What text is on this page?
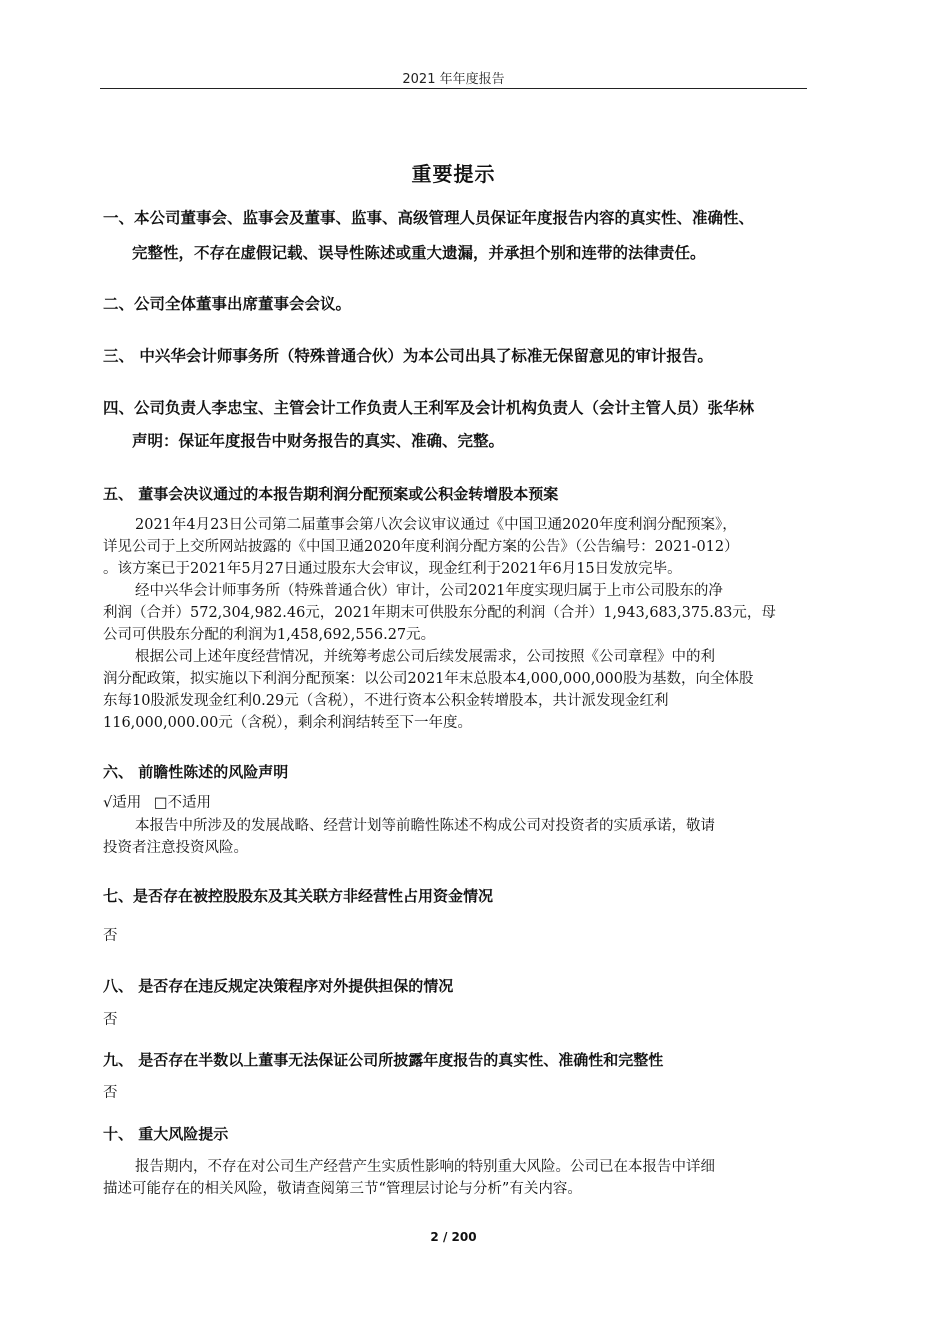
2021 年年度报告
重要提示
一、本公司董事会、监事会及董事、监事、高级管理人员保证年度报告内容的真实性、准确性、
完整性，不存在虚假记载、误导性陈述或重大遗漏，并承担个别和连带的法律责任。
二、公司全体董事出席董事会会议。
三、 中兴华会计师事务所（特殊普通合伙）为本公司出具了标准无保留意见的审计报告。
四、公司负责人李忠宝、主管会计工作负责人王利军及会计机构负责人（会计主管人员）张华林
声明：保证年度报告中财务报告的真实、准确、完整。
五、 董事会决议通过的本报告期利润分配预案或公积金转增股本预案
2021年4月23日公司第二届董事会第八次会议审议通过《中国卫通2020年度利润分配预案》，
详见公司于上交所网站披露的《中国卫通2020年度利润分配方案的公告》（公告编号：2021-012）
。该方案已于2021年5月27日通过股东大会审议，现金红利于2021年6月15日发放完毕。
经中兴华会计师事务所（特殊普通合伙）审计，公司2021年度实现归属于上市公司股东的净
利润（合并）572,304,982.46元，2021年期末可供股东分配的利润（合并）1,943,683,375.83元，母
公司可供股东分配的利润为1,458,692,556.27元。
根据公司上述年度经营情况，并统筹考虑公司后续发展需求，公司按照《公司章程》中的利
润分配政策，拟实施以下利润分配预案：以公司2021年末总股本4,000,000,000股为基数，向全体股
东每10股派发现金红利0.29元（含税），不进行资本公积金转增股本，共计派发现金红利
116,000,000.00元（含税），剩余利润结转至下一年度。
六、 前瞻性陈述的风险声明
√适用 □不适用
本报告中所涉及的发展战略、经营计划等前瞻性陈述不构成公司对投资者的实质承诺，敬请
投资者注意投资风险。
七、是否存在被控股股东及其关联方非经营性占用资金情况
否
八、 是否存在违反规定决策程序对外提供担保的情况
否
九、 是否存在半数以上董事无法保证公司所披露年度报告的真实性、准确性和完整性
否
十、 重大风险提示
报告期内，不存在对公司生产经营产生实质性影响的特别重大风险。公司已在本报告中详细
描述可能存在的相关风险，敬请查阅第三节“管理层讨论与分析”有关内容。
2 / 200
